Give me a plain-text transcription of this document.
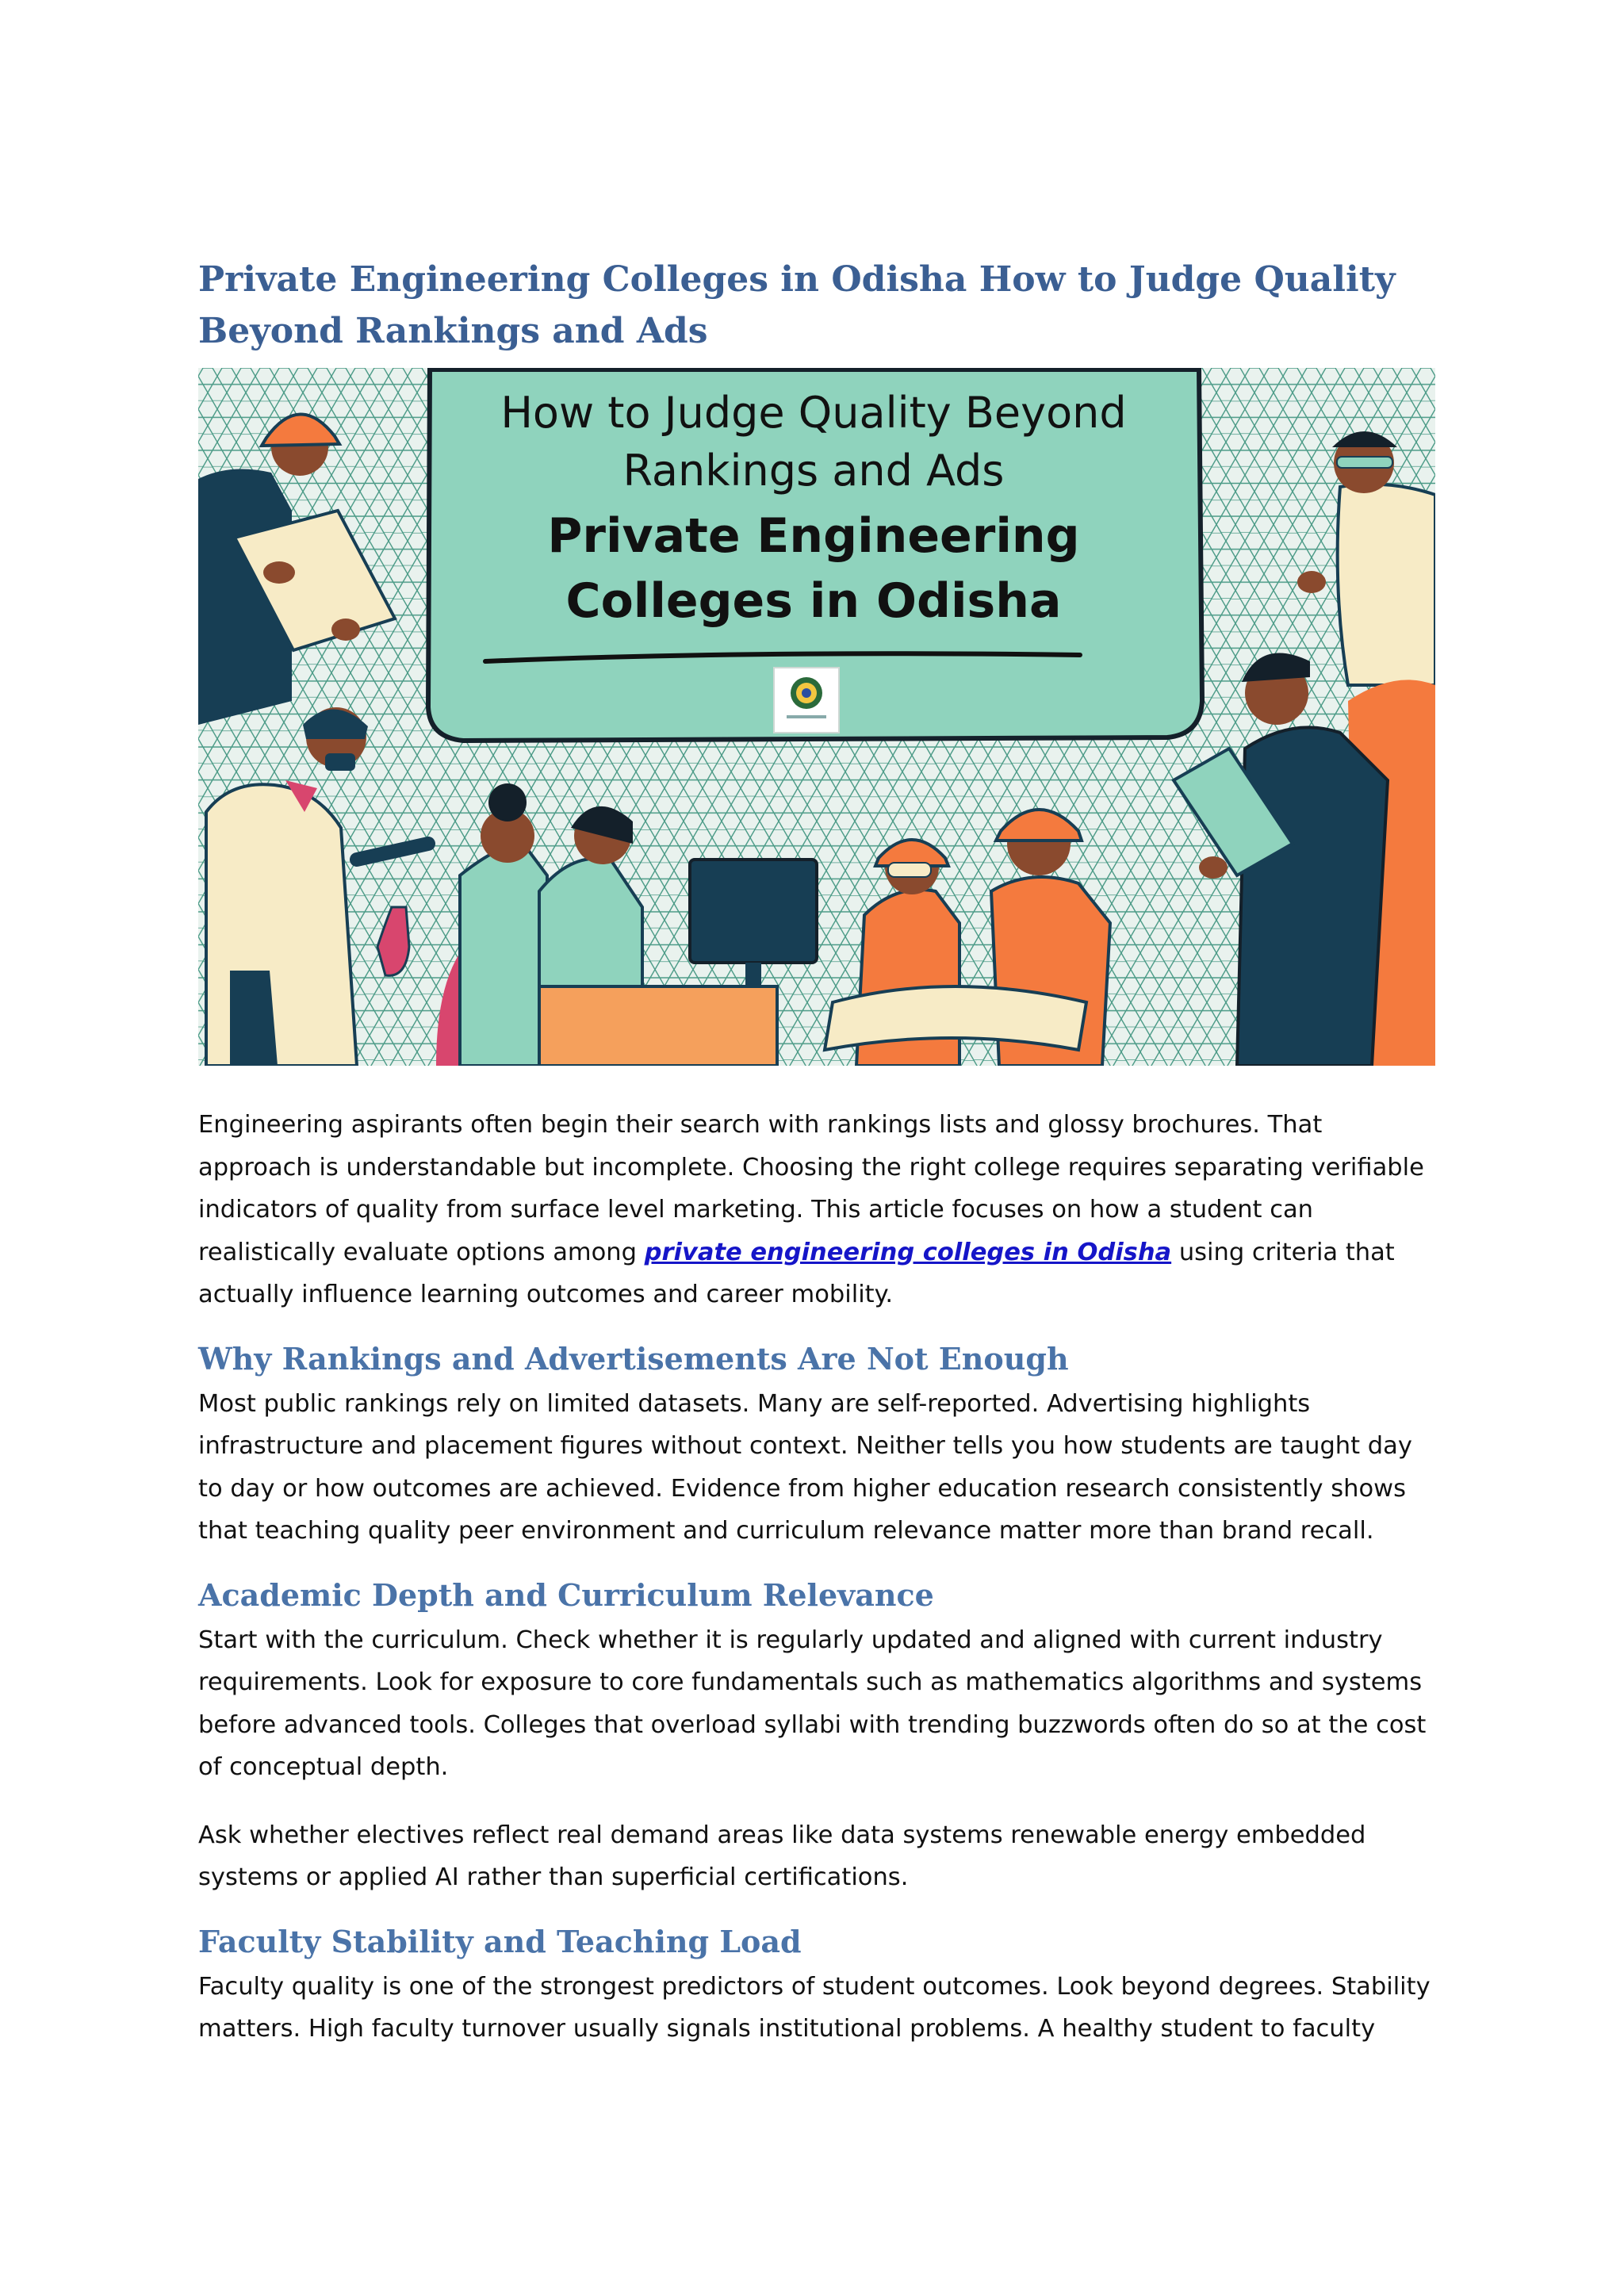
Private Engineering Colleges in Odisha How to Judge Quality Beyond Rankings and Ads
How to Judge Quality Beyond
Rankings and Ads
Private Engineering
Colleges in Odisha

Engineering aspirants often begin their search with rankings lists and glossy brochures. That approach is understandable but incomplete. Choosing the right college requires separating verifiable indicators of quality from surface level marketing. This article focuses on how a student can realistically evaluate options among private engineering colleges in Odisha using criteria that actually influence learning outcomes and career mobility.

Why Rankings and Advertisements Are Not Enough

Most public rankings rely on limited datasets. Many are self-reported. Advertising highlights infrastructure and placement figures without context. Neither tells you how students are taught day to day or how outcomes are achieved. Evidence from higher education research consistently shows that teaching quality peer environment and curriculum relevance matter more than brand recall.

Academic Depth and Curriculum Relevance

Start with the curriculum. Check whether it is regularly updated and aligned with current industry requirements. Look for exposure to core fundamentals such as mathematics algorithms and systems before advanced tools. Colleges that overload syllabi with trending buzzwords often do so at the cost of conceptual depth.

Ask whether electives reflect real demand areas like data systems renewable energy embedded systems or applied AI rather than superficial certifications.

Faculty Stability and Teaching Load

Faculty quality is one of the strongest predictors of student outcomes. Look beyond degrees. Stability matters. High faculty turnover usually signals institutional problems. A healthy student to faculty
